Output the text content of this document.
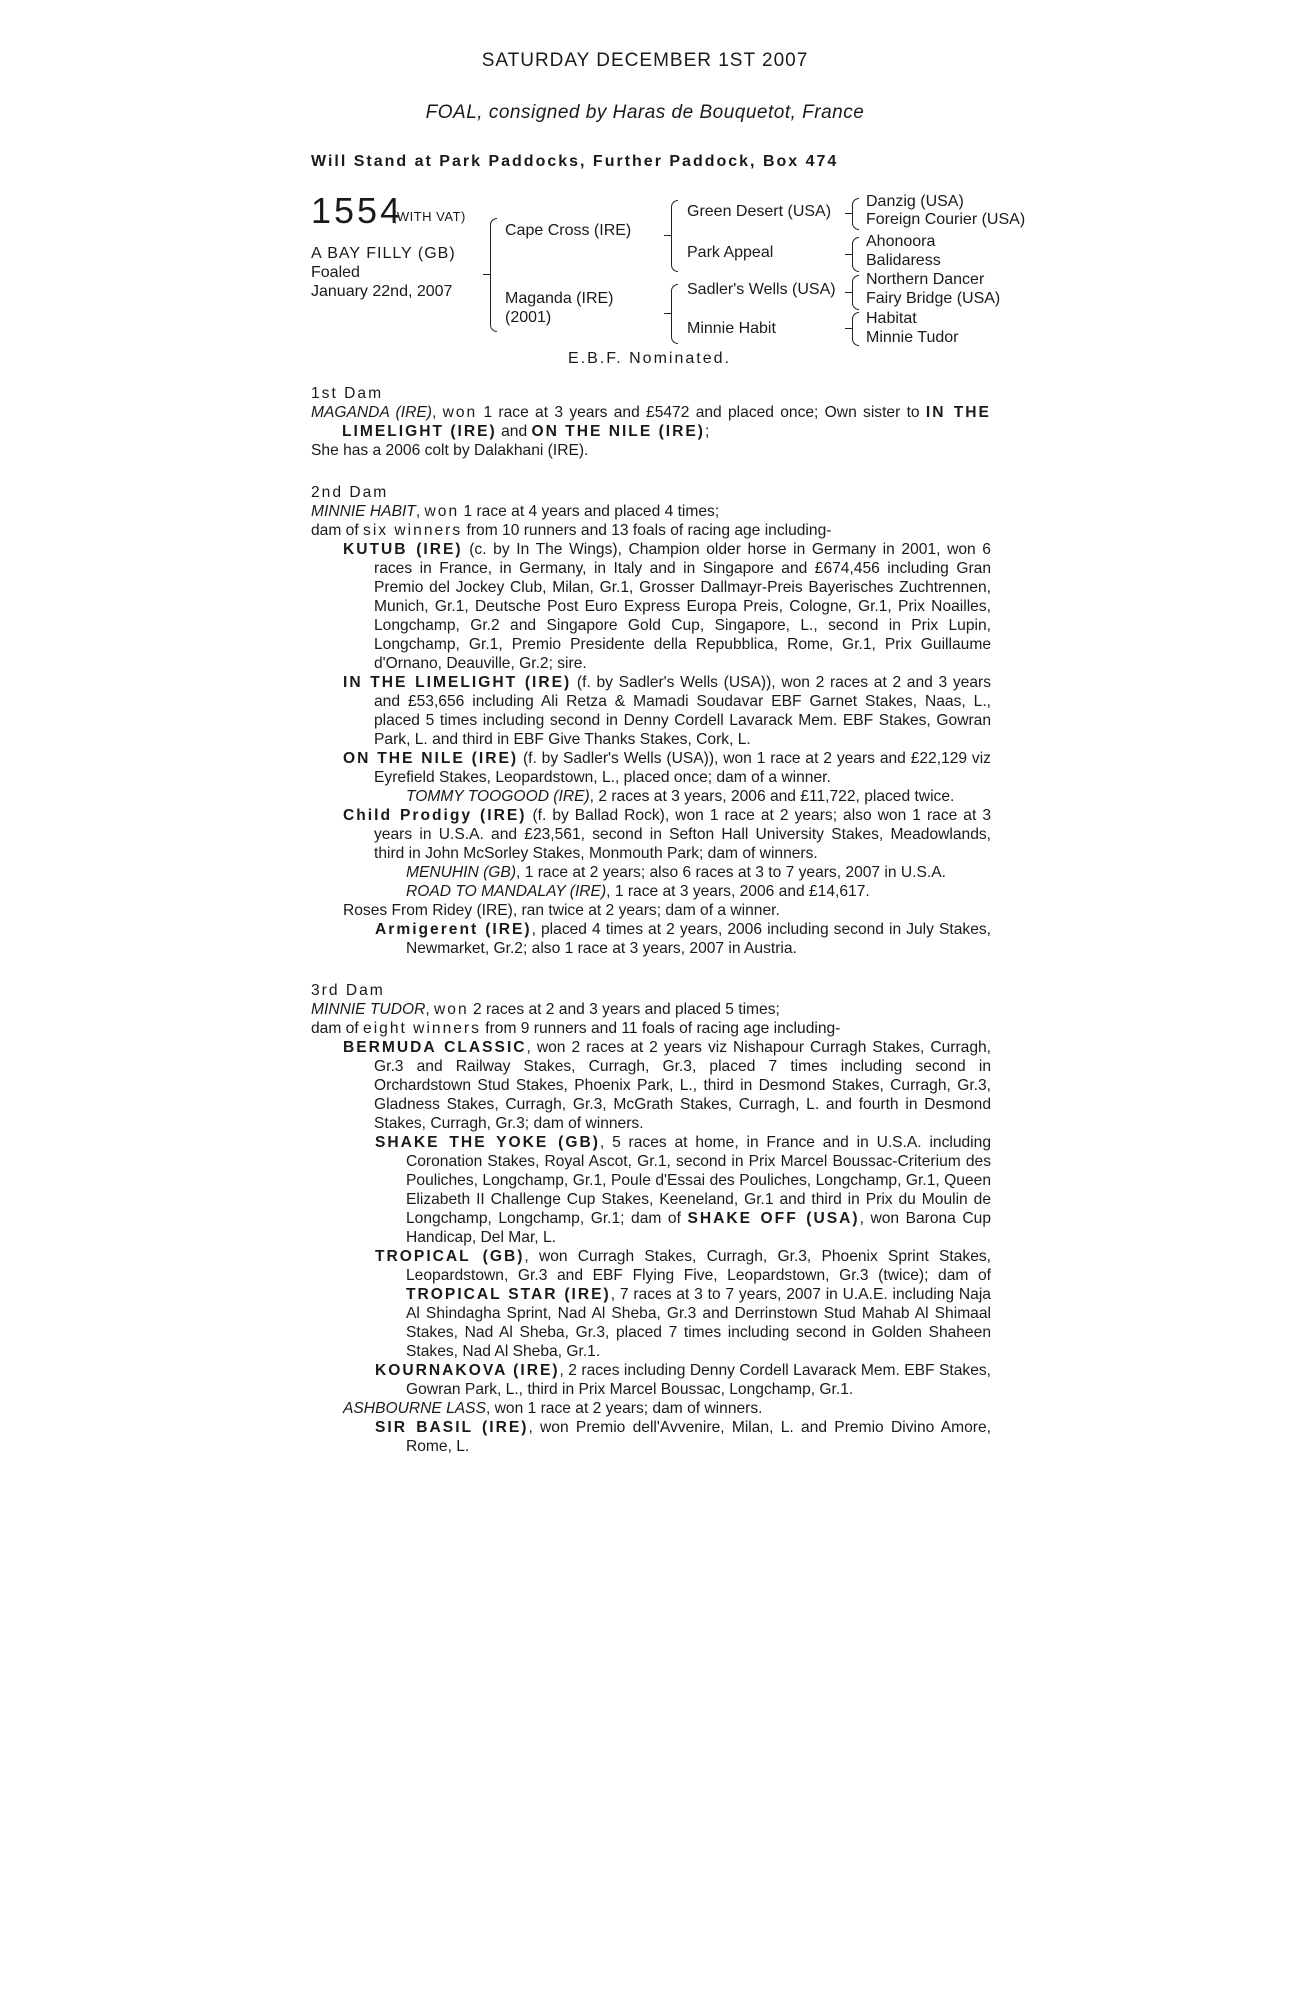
SATURDAY DECEMBER 1ST 2007
FOAL, consigned by Haras de Bouquetot, France
Will Stand at Park Paddocks, Further Paddock, Box 474
1554
(WITH VAT)
A BAY FILLY (GB)
Foaled
January 22nd, 2007
Cape Cross (IRE)
Maganda (IRE)
(2001)
Green Desert (USA)
Park Appeal
Sadler's Wells (USA)
Minnie Habit
Danzig (USA)
Foreign Courier (USA)
Ahonoora
Balidaress
Northern Dancer
Fairy Bridge (USA)
Habitat
Minnie Tudor
E.B.F. Nominated.

1st Dam

MAGANDA (IRE), won 1 race at 3 years and £5472 and placed once; Own sister to IN THE LIMELIGHT (IRE) and ON THE NILE (IRE);

She has a 2006 colt by Dalakhani (IRE).

2nd Dam

MINNIE HABIT, won 1 race at 4 years and placed 4 times;

dam of six winners from 10 runners and 13 foals of racing age including-

KUTUB (IRE) (c. by In The Wings), Champion older horse in Germany in 2001, won 6 races in France, in Germany, in Italy and in Singapore and £674,456 including Gran Premio del Jockey Club, Milan, Gr.1, Grosser Dallmayr-Preis Bayerisches Zuchtrennen, Munich, Gr.1, Deutsche Post Euro Express Europa Preis, Cologne, Gr.1, Prix Noailles, Longchamp, Gr.2 and Singapore Gold Cup, Singapore, L., second in Prix Lupin, Longchamp, Gr.1, Premio Presidente della Repubblica, Rome, Gr.1, Prix Guillaume d'Ornano, Deauville, Gr.2; sire.

IN THE LIMELIGHT (IRE) (f. by Sadler's Wells (USA)), won 2 races at 2 and 3 years and £53,656 including Ali Retza & Mamadi Soudavar EBF Garnet Stakes, Naas, L., placed 5 times including second in Denny Cordell Lavarack Mem. EBF Stakes, Gowran Park, L. and third in EBF Give Thanks Stakes, Cork, L.

ON THE NILE (IRE) (f. by Sadler's Wells (USA)), won 1 race at 2 years and £22,129 viz Eyrefield Stakes, Leopardstown, L., placed once; dam of a winner.

TOMMY TOOGOOD (IRE), 2 races at 3 years, 2006 and £11,722, placed twice.

Child Prodigy (IRE) (f. by Ballad Rock), won 1 race at 2 years; also won 1 race at 3 years in U.S.A. and £23,561, second in Sefton Hall University Stakes, Meadowlands, third in John McSorley Stakes, Monmouth Park; dam of winners.

MENUHIN (GB), 1 race at 2 years; also 6 races at 3 to 7 years, 2007 in U.S.A.

ROAD TO MANDALAY (IRE), 1 race at 3 years, 2006 and £14,617.

Roses From Ridey (IRE), ran twice at 2 years; dam of a winner.

Armigerent (IRE), placed 4 times at 2 years, 2006 including second in July Stakes, Newmarket, Gr.2; also 1 race at 3 years, 2007 in Austria.

3rd Dam

MINNIE TUDOR, won 2 races at 2 and 3 years and placed 5 times;

dam of eight winners from 9 runners and 11 foals of racing age including-

BERMUDA CLASSIC, won 2 races at 2 years viz Nishapour Curragh Stakes, Curragh, Gr.3 and Railway Stakes, Curragh, Gr.3, placed 7 times including second in Orchardstown Stud Stakes, Phoenix Park, L., third in Desmond Stakes, Curragh, Gr.3, Gladness Stakes, Curragh, Gr.3, McGrath Stakes, Curragh, L. and fourth in Desmond Stakes, Curragh, Gr.3; dam of winners.

SHAKE THE YOKE (GB), 5 races at home, in France and in U.S.A. including Coronation Stakes, Royal Ascot, Gr.1, second in Prix Marcel Boussac-Criterium des Pouliches, Longchamp, Gr.1, Poule d'Essai des Pouliches, Longchamp, Gr.1, Queen Elizabeth II Challenge Cup Stakes, Keeneland, Gr.1 and third in Prix du Moulin de Longchamp, Longchamp, Gr.1; dam of SHAKE OFF (USA), won Barona Cup Handicap, Del Mar, L.

TROPICAL (GB), won Curragh Stakes, Curragh, Gr.3, Phoenix Sprint Stakes, Leopardstown, Gr.3 and EBF Flying Five, Leopardstown, Gr.3 (twice); dam of TROPICAL STAR (IRE), 7 races at 3 to 7 years, 2007 in U.A.E. including Naja Al Shindagha Sprint, Nad Al Sheba, Gr.3 and Derrinstown Stud Mahab Al Shimaal Stakes, Nad Al Sheba, Gr.3, placed 7 times including second in Golden Shaheen Stakes, Nad Al Sheba, Gr.1.

KOURNAKOVA (IRE), 2 races including Denny Cordell Lavarack Mem. EBF Stakes, Gowran Park, L., third in Prix Marcel Boussac, Longchamp, Gr.1.

ASHBOURNE LASS, won 1 race at 2 years; dam of winners.

SIR BASIL (IRE), won Premio dell'Avvenire, Milan, L. and Premio Divino Amore, Rome, L.
